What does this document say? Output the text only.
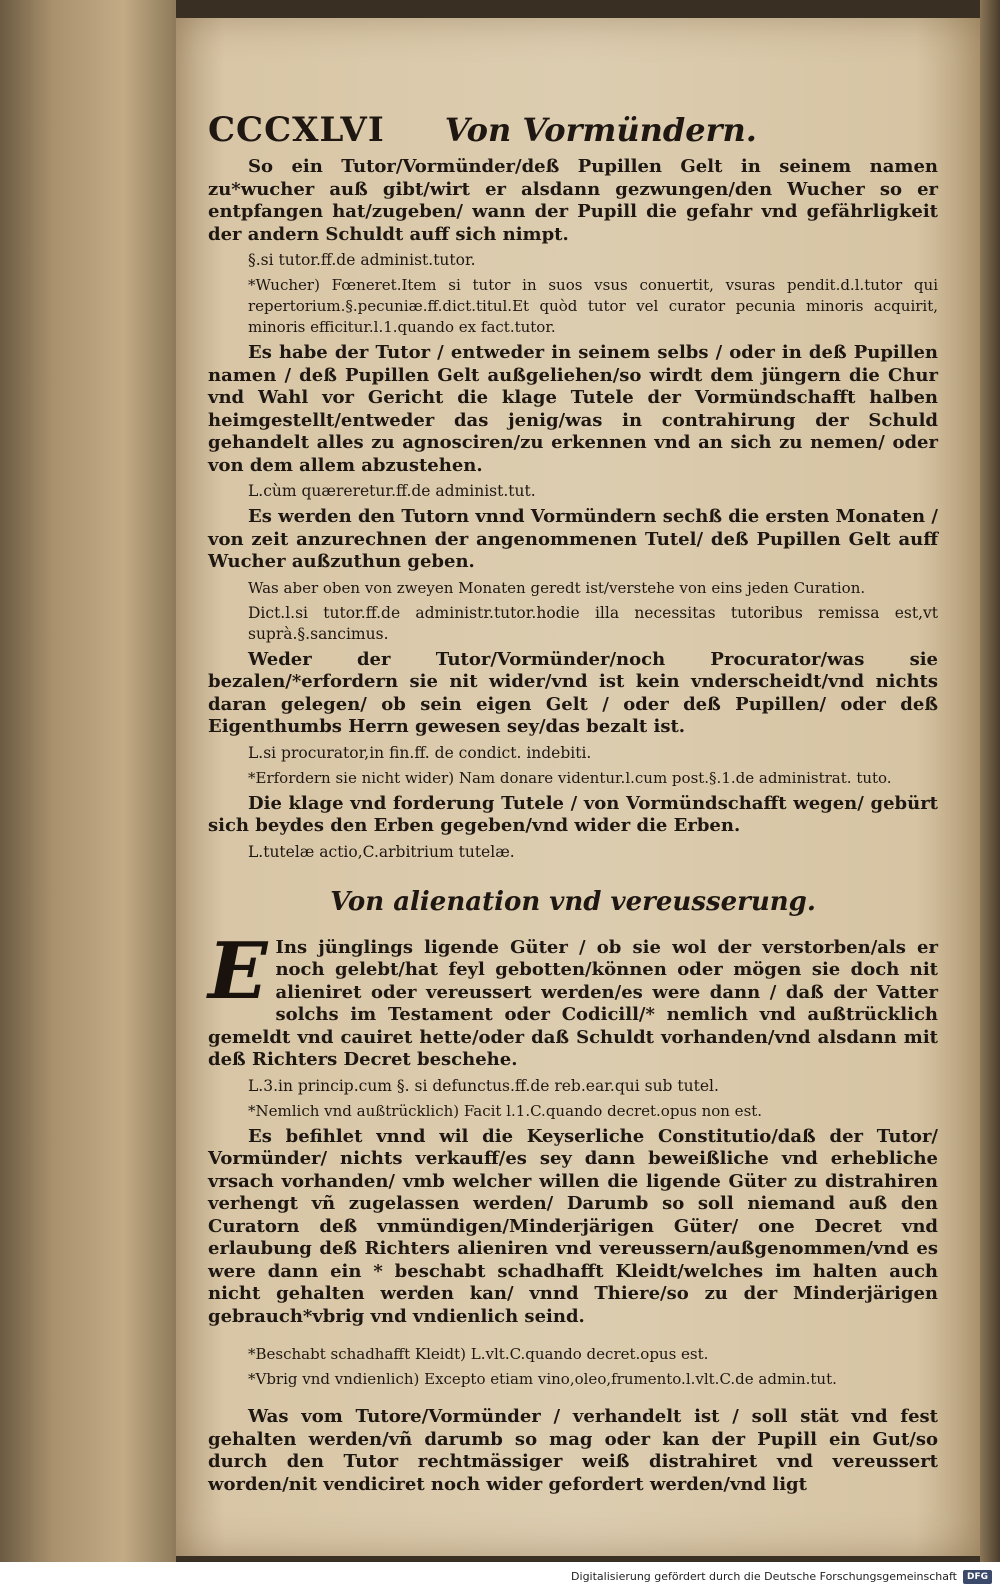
CCCXLVI Von Vormündern.

So ein Tutor/Vormünder/deß Pupillen Gelt in seinem namen zu*wucher auß gibt/wirt er alsdann gezwungen/den Wucher so er entpfangen hat/zugeben/ wann der Pupill die gefahr vnd gefährligkeit der andern Schuldt auff sich nimpt.

§.si tutor.ff.de administ.tutor.

*Wucher) Fœneret.Item si tutor in suos vsus conuertit, vsuras pendit.d.l.tutor qui repertorium.§.pecuniæ.ff.dict.titul.Et quòd tutor vel curator pecunia minoris acquirit, minoris efficitur.l.1.quando ex fact.tutor.

Es habe der Tutor / entweder in seinem selbs / oder in deß Pupillen namen / deß Pupillen Gelt außgeliehen/so wirdt dem jüngern die Chur vnd Wahl vor Gericht die klage Tutele der Vormündschafft halben heimgestellt/entweder das jenig/was in contrahirung der Schuld gehandelt alles zu agnosciren/zu erkennen vnd an sich zu nemen/ oder von dem allem abzustehen.

L.cùm quæreretur.ff.de administ.tut.

Es werden den Tutorn vnnd Vormündern sechß die ersten Monaten / von zeit anzurechnen der angenommenen Tutel/ deß Pupillen Gelt auff Wucher außzuthun geben.

Was aber oben von zweyen Monaten geredt ist/verstehe von eins jeden Curation.

Dict.l.si tutor.ff.de administr.tutor.hodie illa necessitas tutoribus remissa est,vt suprà.§.sancimus.

Weder der Tutor/Vormünder/noch Procurator/was sie bezalen/*erfordern sie nit wider/vnd ist kein vnderscheidt/vnd nichts daran gelegen/ ob sein eigen Gelt / oder deß Pupillen/ oder deß Eigenthumbs Herrn gewesen sey/das bezalt ist.

L.si procurator,in fin.ff. de condict. indebiti.

*Erfordern sie nicht wider) Nam donare videntur.l.cum post.§.1.de administrat. tuto.

Die klage vnd forderung Tutele / von Vormündschafft wegen/ gebürt sich beydes den Erben gegeben/vnd wider die Erben.

L.tutelæ actio,C.arbitrium tutelæ.

Von alienation vnd vereusserung.

E Ins jünglings ligende Güter / ob sie wol der verstorben/als er noch gelebt/hat feyl gebotten/können oder mögen sie doch nit alieniret oder vereussert werden/es were dann / daß der Vatter solchs im Testament oder Codicill/* nemlich vnd außtrücklich gemeldt vnd cauiret hette/oder daß Schuldt vorhanden/vnd alsdann mit deß Richters Decret beschehe.

L.3.in princip.cum §. si defunctus.ff.de reb.ear.qui sub tutel.

*Nemlich vnd außtrücklich) Facit l.1.C.quando decret.opus non est.

Es befihlet vnnd wil die Keyserliche Constitutio/daß der Tutor/ Vormünder/ nichts verkauff/es sey dann beweißliche vnd erhebliche vrsach vorhanden/ vmb welcher willen die ligende Güter zu distrahiren verhengt vñ zugelassen werden/ Darumb so soll niemand auß den Curatorn deß vnmündigen/Minderjärigen Güter/ one Decret vnd erlaubung deß Richters alieniren vnd vereussern/außgenommen/vnd es were dann ein * beschabt schadhafft Kleidt/welches im halten auch nicht gehalten werden kan/ vnnd Thiere/so zu der Minderjärigen gebrauch*vbrig vnd vndienlich seind.

*Beschabt schadhafft Kleidt) L.vlt.C.quando decret.opus est.

*Vbrig vnd vndienlich) Excepto etiam vino,oleo,frumento.l.vlt.C.de admin.tut.

Was vom Tutore/Vormünder / verhandelt ist / soll stät vnd fest gehalten werden/vñ darumb so mag oder kan der Pupill ein Gut/so durch den Tutor rechtmässiger weiß distrahiret vnd vereussert worden/nit vendiciret noch wider gefordert werden/vnd ligt

Digitalisierung gefördert durch die Deutsche Forschungsgemeinschaft	DFG
